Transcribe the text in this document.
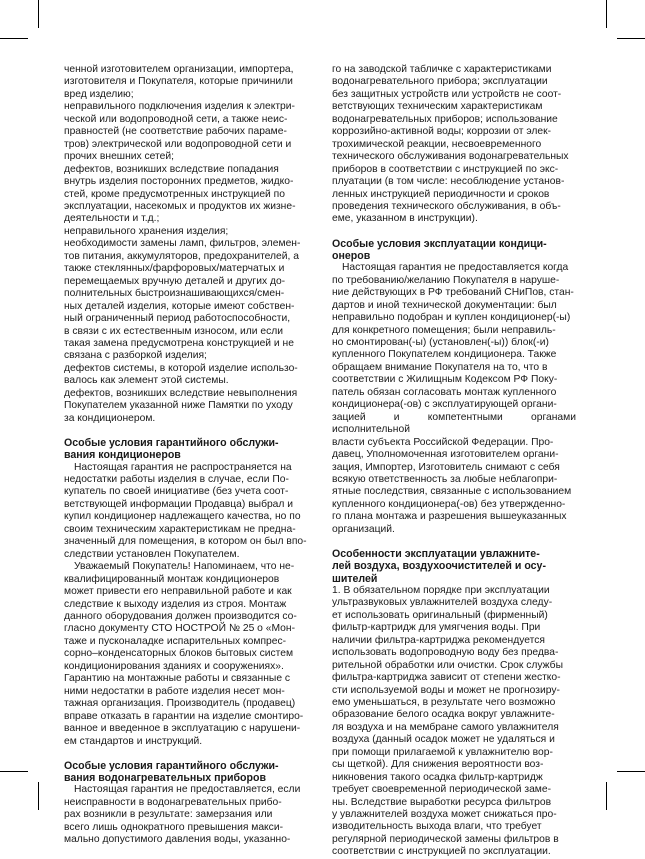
ченной изготовителем организации, импортера,
изготовителя и Покупателя, которые причинили
вред изделию;
неправильного подключения изделия к электри-
ческой или водопроводной сети, а также неис-
правностей (не соответствие рабочих параме-
тров) электрической или водопроводной сети и
прочих внешних сетей;
дефектов, возникших вследствие попадания
внутрь изделия посторонних предметов, жидко-
стей, кроме предусмотренных инструкцией по
эксплуатации, насекомых и продуктов их жизне-
деятельности и т.д.;
неправильного хранения изделия;
необходимости замены ламп, фильтров, элемен-
тов питания, аккумуляторов, предохранителей, а
также стеклянных/фарфоровых/матерчатых и
перемещаемых вручную деталей и других до-
полнительных быстроизнашивающихся/смен-
ных деталей изделия, которые имеют собствен-
ный ограниченный период работоспособности,
в связи с их естественным износом, или если
такая замена предусмотрена конструкцией и не
связана с разборкой изделия;
дефектов системы, в которой изделие использо-
валось как элемент этой системы.
дефектов, возникших вследствие невыполнения
Покупателем указанной ниже Памятки по уходу
за кондиционером.
Особые условия гарантийного обслужи-
вания кондиционеров

Настоящая гарантия не распространяется на
недостатки работы изделия в случае, если По-
купатель по своей инициативе (без учета сoот-
ветствующей информации Продавца) выбрал и
купил кондиционер надлежащего качества, но по
своим техническим характеристикам не предна-
значенный для помещения, в котором он был впо-
следствии установлен Покупателем.

Уважаемый Покупатель! Напоминаем, что не-
квалифицированный монтаж кондиционеров
может привести его неправильной работе и как
следствие к выходу изделия из строя. Монтаж
данного оборудования должен производится со-
гласно документу СТО НОСТРОЙ № 25 о «Мон-
таже и пусконаладке испарительных компрес-
сорно–конденсаторных блоков бытовых систем
кондиционирования зданиях и сооружениях».
Гарантию на монтажные работы и связанные с
ними недостатки в работе изделия несет мон-
тажная организация. Производитель (продавец)
вправе отказать в гарантии на изделие смонтиро-
ванное и введенное в эксплуатацию с нарушени-
ем стандартов и инструкций.

Особые условия гарантийного обслужи-
вания водонагревательных приборов

Настоящая гарантия не предоставляется, если
неисправности в водонагревательных прибо-
рах возникли в результате: замерзания или
всего лишь однократного превышения макси-
мально допустимого давления воды, указанно-

го на заводской табличке с характеристиками
водонагревательного прибора; эксплуатации
без защитных устройств или устройств не соот-
ветствующих техническим характеристикам
водонагревательных приборов; использование
коррозийно-активной воды; коррозии от элек-
трохимической реакции, несвоевременного
технического обслуживания водонагревательных
приборов в соответствии с инструкцией по экс-
плуатации (в том числе: несоблюдение установ-
ленных инструкцией периодичности и сроков
проведения технического обслуживания, в объ-
еме, указанном в инструкции).
Особые условия эксплуатации кондици-
онеров

Настоящая гарантия не предоставляется когда
по требованию/желанию Покупателя в наруше-
ние действующих в РФ требований СНиПов, стан-
дартов и иной технической документации: был
неправильно подобран и куплен кондиционер(-ы)
для конкретного помещения; были неправиль-
но смонтирован(-ы) (установлен(-ы)) блок(-и)
купленного Покупателем кондиционера. Также
обращаем внимание Покупателя на то, что в
соответствии с Жилищным Кодексом РФ Поку-
патель обязан согласовать монтаж купленного
кондиционера(-ов) с эксплуатирующей органи-
зацией и компетентными органами исполнительной
власти субъекта Российской Федерации. Про-
давец, Уполномоченная изготовителем органи-
зация, Импортер, Изготовитель снимают с себя
всякую ответственность за любые неблагопри-
ятные последствия, связанные с использованием
купленного кондиционера(-ов) без утвержденно-
го плана монтажа и разрешения вышеуказанных
организаций.

Особенности эксплуатации увлажните-
лей воздуха, воздухоочистителей и осу-
шителей

1. В обязательном порядке при эксплуатации
ультразвуковых увлажнителей воздуха следу-
ет использовать оригинальный (фирменный)
фильтр-картридж для умягчения воды. При
наличии фильтра-картриджа рекомендуется
использовать водопроводную воду без предва-
рительной обработки или очистки. Срок службы
фильтра-картриджа зависит от степени жестко-
сти используемой воды и может не прогнозиру-
емо уменьшаться, в результате чего возможно
образование белого осадка вокруг увлажните-
ля воздуха и на мембране самого увлажнителя
воздуха (данный осадок может не удаляться и
при помощи прилагаемой к увлажнителю вор-
сы щеткой). Для снижения вероятности воз-
никновения такого осадка фильтр-картридж
требует своевременной периодической заме-
ны. Вследствие выработки ресурса фильтров
у увлажнителей воздуха может снижаться про-
изводительность выхода влаги, что требует
регулярной периодической замены фильтров в
соответствии с инструкцией по эксплуатации.
